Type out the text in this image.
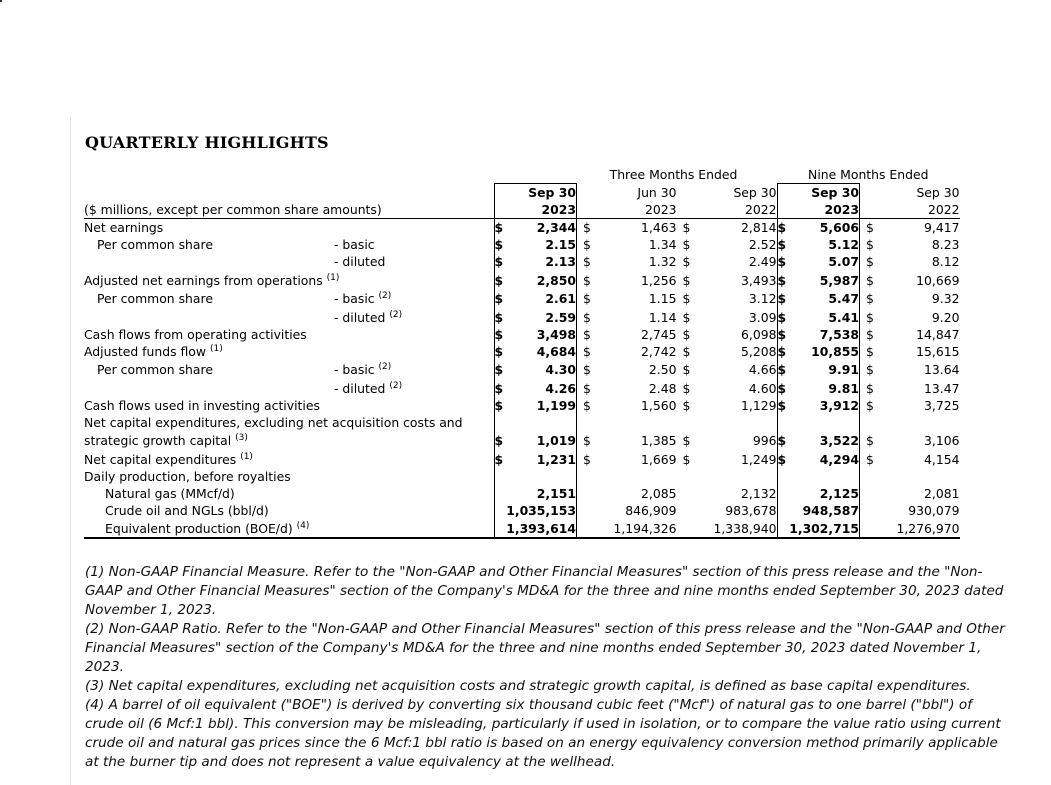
QUARTERLY HIGHLIGHTS
		Three Months Ended						Nine Months Ended			
			Sep 30		Jun 30		Sep 30		Sep 30		Sep 30
($ millions, except per common share amounts)			2023		2023		2022		2023		2022
Net earnings		$	2,344	$	1,463	$	2,814	$	5,606	$	9,417
Per common share	- basic	$	2.15	$	1.34	$	2.52	$	5.12	$	8.23
	- diluted	$	2.13	$	1.32	$	2.49	$	5.07	$	8.12
Adjusted net earnings from operations $^{(1)}$		$	2,850	$	1,256	$	3,493	$	5,987	$	10,669
Per common share	- basic $^{(2)}$	$	2.61	$	1.15	$	3.12	$	5.47	$	9.32
	- diluted $^{(2)}$	$	2.59	$	1.14	$	3.09	$	5.41	$	9.20
Cash flows from operating activities		$	3,498	$	2,745	$	6,098	$	7,538	$	14,847
Adjusted funds flow $^{(1)}$		$	4,684	$	2,742	$	5,208	$	10,855	$	15,615
Per common share	- basic $^{(2)}$	$	4.30	$	2.50	$	4.66	$	9.91	$	13.64
	- diluted $^{(2)}$	$	4.26	$	2.48	$	4.60	$	9.81	$	13.47
Cash flows used in investing activities		$	1,199	$	1,560	$	1,129	$	3,912	$	3,725
Net capital expenditures, excluding net acquisition costs and											
strategic growth capital $^{(3)}$		$	1,019	$	1,385	$	996	$	3,522	$	3,106
Net capital expenditures $^{(1)}$		$	1,231	$	1,669	$	1,249	$	4,294	$	4,154
Daily production, before royalties											
Natural gas (MMcf/d)			2,151		2,085		2,132		2,125		2,081
Crude oil and NGLs (bbl/d)		1,035,153		846,909		983,678		948,587		930,079	
Equivalent production (BOE/d) $^{(4)}$		1,393,614		1,194,326		1,338,940		1,302,715		1,276,970	

(1) Non-GAAP Financial Measure. Refer to the "Non-GAAP and Other Financial Measures" section of this press release and the "Non-GAAP and Other Financial Measures" section of the Company's MD&A for the three and nine months ended September 30, 2023 dated November 1, 2023.

(2) Non-GAAP Ratio. Refer to the "Non-GAAP and Other Financial Measures" section of this press release and the "Non-GAAP and Other Financial Measures" section of the Company's MD&A for the three and nine months ended September 30, 2023 dated November 1, 2023.

(3) Net capital expenditures, excluding net acquisition costs and strategic growth capital, is defined as base capital expenditures.

(4) A barrel of oil equivalent ("BOE") is derived by converting six thousand cubic feet ("Mcf") of natural gas to one barrel ("bbl") of crude oil (6 Mcf:1 bbl). This conversion may be misleading, particularly if used in isolation, or to compare the value ratio using current crude oil and natural gas prices since the 6 Mcf:1 bbl ratio is based on an energy equivalency conversion method primarily applicable at the burner tip and does not represent a value equivalency at the wellhead.
